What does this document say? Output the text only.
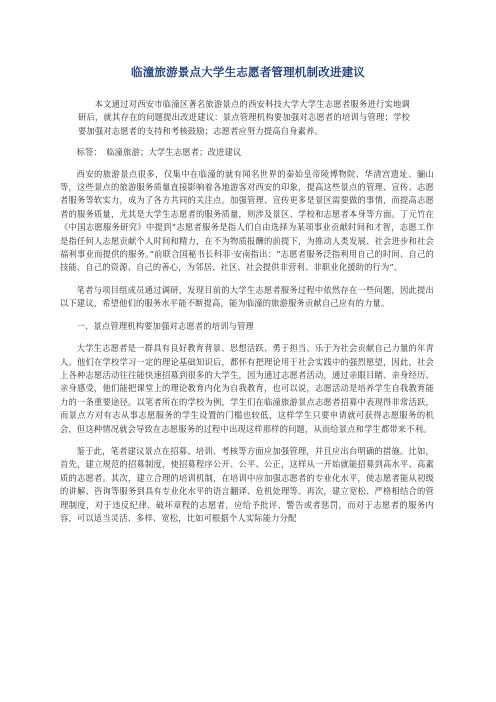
临潼旅游景点大学生志愿者管理机制改进建议

本文通过对西安市临潼区著名旅游景点的西安科技大学大学生志愿者服务进行实地调研后，就其存在的问题提出改进建议：景点管理机构要加强对志愿者的培训与管理；学校要加强对志愿者的支持和考核鼓励；志愿者应努力提高自身素养。

标签：　临潼旅游；大学生志愿者；改进建议

西安的旅游景点很多，仅集中在临潼的就有闻名世界的秦始皇帝陵博物院、华清宫遗址、骊山等，这些景点的旅游服务质量直接影响着各地游客对西安的印象，提高这些景点的管理、宣传、志愿者服务等软实力，成为了各方共同的关注点。加强管理、宣传更多是景区需要做的事情，而提高志愿者的服务质量，尤其是大学生志愿者的服务质量，则涉及景区、学校和志愿者本身等方面。丁元竹在《中国志愿服务研究》中提到“志愿者服务是指人们自由选择为某项事业贡献时间和才智，志愿工作是指任何人志愿贡献个人时间和精力，在不为物质报酬的前提下，为推动人类发展、社会进步和社会福利事业而提供的服务。”前联合国秘书长科菲·安南指出：“志愿者服务泛指利用自己的时间、自己的技能、自己的资源、自己的善心，为邻居、社区、社会提供非营利、非职业化援助的行为”。

笔者与项目组成员通过调研，发现目前的大学生志愿者服务过程中依然存在一些问题，因此提出以下建议，希望他们的服务水平能不断提高，能为临潼的旅游服务贡献自己应有的力量。

一、景点管理机构要加强对志愿者的培训与管理

大学生志愿者是一群具有良好教育背景、思想活跃、勇于担当、乐于为社会贡献自己力量的年青人。他们在学校学习一定的理论基础知识后，都怀有把理论用于社会实践中的强烈愿望，因此，社会上各种志愿活动往往能快速招募到很多的大学生，因为通过志愿者活动，通过亲眼目睹、亲身经历、亲身感受，他们能把课堂上的理论教育内化为自我教育，也可以说，志愿活动是培养学生自我教育能力的一条重要途径。以笔者所在的学校为例，学生们在临潼旅游景点志愿者招募中表现得非常活跃，而景点方对有志从事志愿服务的学生设置的门槛也较低，这样学生只要申请就可获得志愿服务的机会，但这种情况就会导致在志愿服务的过程中出现这样那样的问题，从而给景点和学生都带来不利。

鉴于此，笔者建议景点在招募、培训、考核等方面应加强管理，并且应出台明确的措施。比如，首先，建立规范的招募制度，使招募程序公开、公平、公正，这样从一开始就能招募到高水平、高素质的志愿者。其次，建立合理的培训机制，在培训中应加强志愿者的专业化水平，使志愿者能从初级的讲解、咨询等服务到具有专业化水平的语言翻译、危机处理等。再次，建立宽松、严格相结合的管理制度，对于违反纪律、破坏章程的志愿者，应给予批评、警告或者惩罚，而对于志愿者的服务内容，可以适当灵活、多样、宽松，比如可根据个人实际能力分配
